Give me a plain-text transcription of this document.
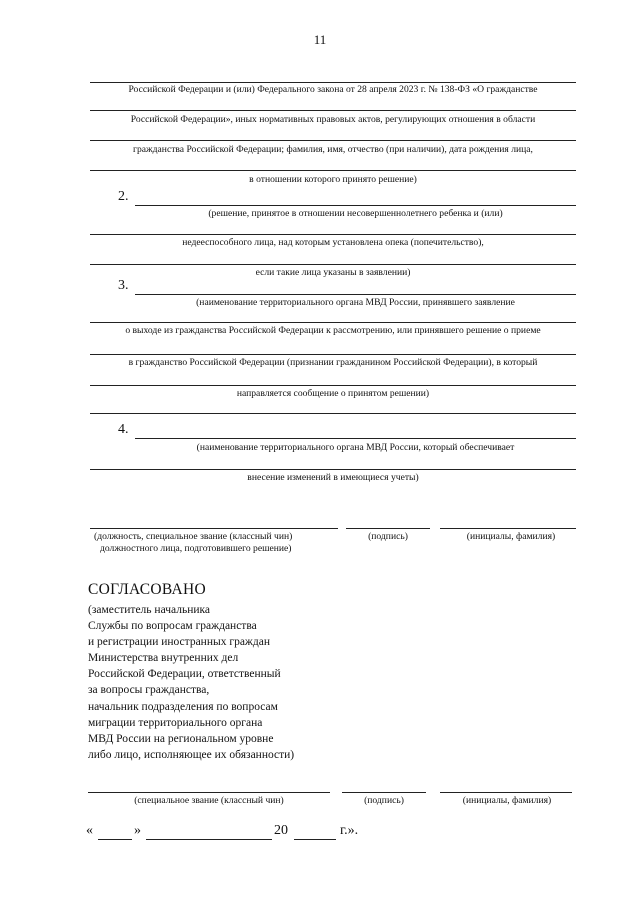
11
Российской Федерации и (или) Федерального закона от 28 апреля 2023 г. № 138-ФЗ «О гражданстве
Российской Федерации», иных нормативных правовых актов, регулирующих отношения в области
гражданства Российской Федерации; фамилия, имя, отчество (при наличии), дата рождения лица,
в отношении которого принято решение)
2.
(решение, принятое в отношении несовершеннолетнего ребенка и (или)
недееспособного лица, над которым установлена опека (попечительство),
если такие лица указаны в заявлении)
3.
(наименование территориального органа МВД России, принявшего заявление
о выходе из гражданства Российской Федерации к рассмотрению, или принявшего решение о приеме
в гражданство Российской Федерации (признании гражданином Российской Федерации), в который
направляется сообщение о принятом решении)
4.
(наименование территориального органа МВД России, который обеспечивает
внесение изменений в имеющиеся учеты)
(должность, специальное звание (классный чин)
должностного лица, подготовившего решение)
(подпись)	(инициалы, фамилия)
СОГЛАСОВАНО
(заместитель начальника
Службы по вопросам гражданства
и регистрации иностранных граждан
Министерства внутренних дел
Российской Федерации, ответственный
за вопросы гражданства,
начальник подразделения по вопросам
миграции территориального органа
МВД России на региональном уровне
либо лицо, исполняющее их обязанности)
(специальное звание (классный чин)	(подпись)	(инициалы, фамилия)
«	»	20	г.».
